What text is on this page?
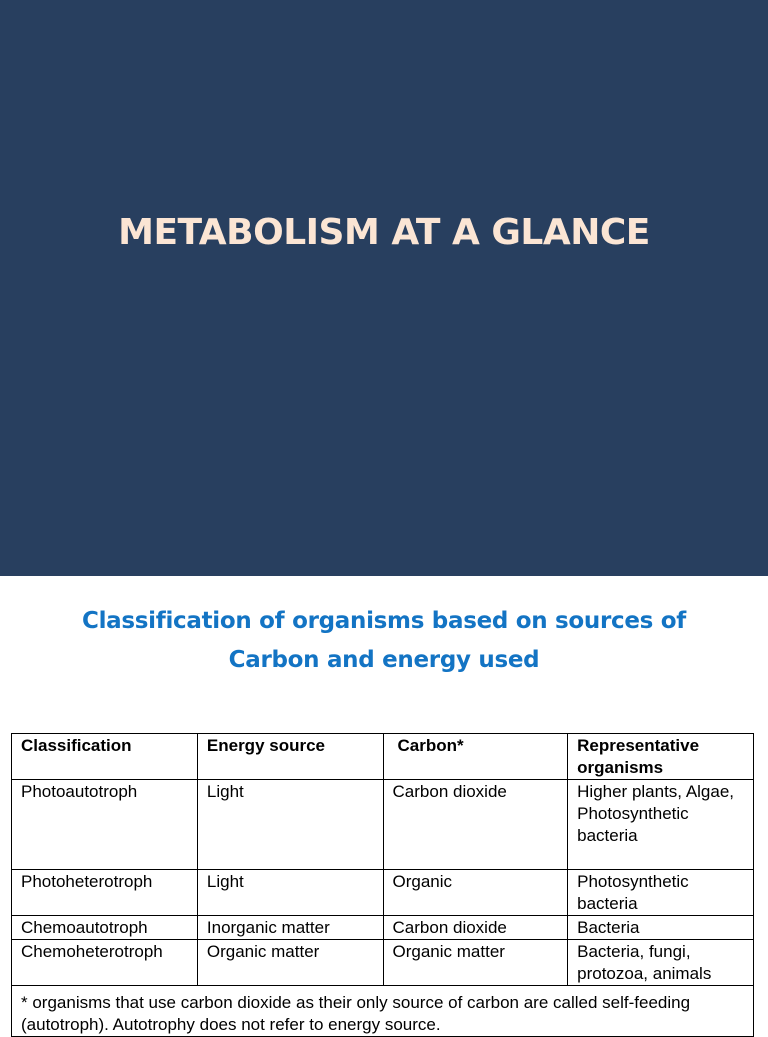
METABOLISM AT A GLANCE
Classification of organisms based on sources of
Carbon and energy used
Classification	Energy source	Carbon*	Representative organisms
Photoautotroph	Light	Carbon dioxide	Higher plants, Algae, Photosynthetic bacteria
Photoheterotroph	Light	Organic	Photosynthetic bacteria
Chemoautotroph	Inorganic matter	Carbon dioxide	Bacteria
Chemoheterotroph	Organic matter	Organic matter	Bacteria, fungi, protozoa, animals
* organisms that use carbon dioxide as their only source of carbon are called self-feeding (autotroph). Autotrophy does not refer to energy source.			
